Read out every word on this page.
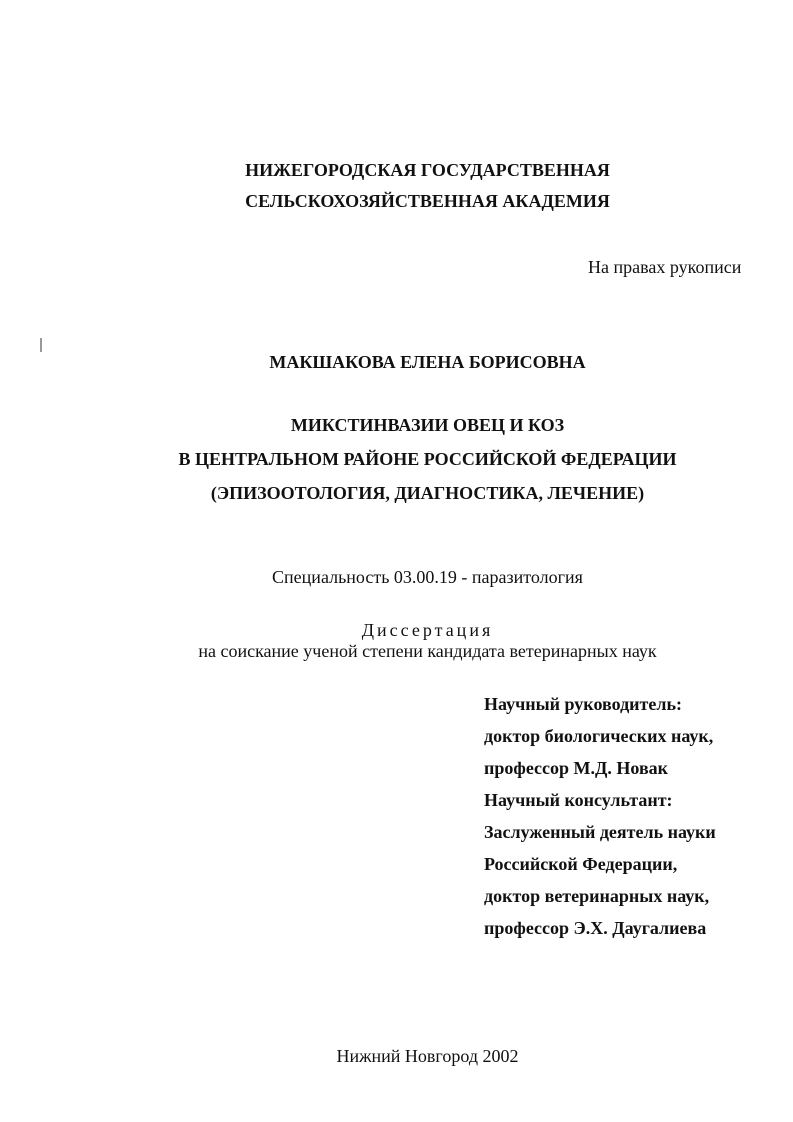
НИЖЕГОРОДСКАЯ ГОСУДАРСТВЕННАЯ
СЕЛЬСКОХОЗЯЙСТВЕННАЯ АКАДЕМИЯ
На правах рукописи
МАКШАКОВА ЕЛЕНА БОРИСОВНА
МИКСТИНВАЗИИ ОВЕЦ И КОЗ
В ЦЕНТРАЛЬНОМ РАЙОНЕ РОССИЙСКОЙ ФЕДЕРАЦИИ
(ЭПИЗООТОЛОГИЯ, ДИАГНОСТИКА, ЛЕЧЕНИЕ)
Специальность 03.00.19 - паразитология
Диссертация
на соискание ученой степени кандидата ветеринарных наук
Научный руководитель:
доктор биологических наук,
профессор М.Д. Новак
Научный консультант:
Заслуженный деятель науки
Российской Федерации,
доктор ветеринарных наук,
профессор Э.Х. Даугалиева
Нижний Новгород 2002
